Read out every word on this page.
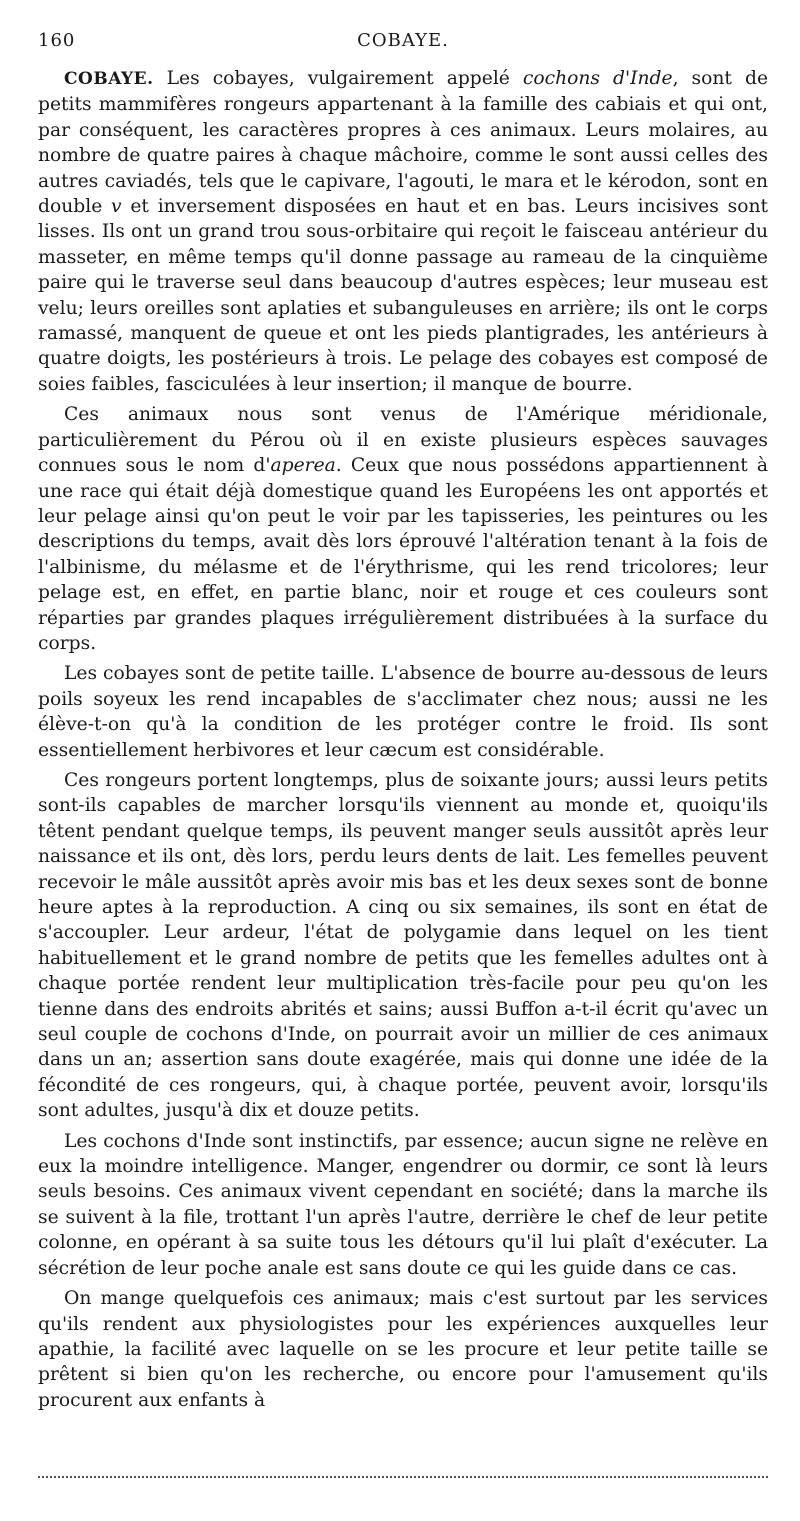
160	COBAYE.

COBAYE. Les cobayes, vulgairement appelé cochons d'Inde, sont de petits mammifères rongeurs appartenant à la famille des cabiais et qui ont, par conséquent, les caractères propres à ces animaux. Leurs molaires, au nombre de quatre paires à chaque mâchoire, comme le sont aussi celles des autres caviadés, tels que le capivare, l'agouti, le mara et le kérodon, sont en double v et inversement disposées en haut et en bas. Leurs incisives sont lisses. Ils ont un grand trou sous-orbitaire qui reçoit le faisceau antérieur du masseter, en même temps qu'il donne passage au rameau de la cinquième paire qui le traverse seul dans beaucoup d'autres espèces; leur museau est velu; leurs oreilles sont aplaties et subanguleuses en arrière; ils ont le corps ramassé, manquent de queue et ont les pieds plantigrades, les antérieurs à quatre doigts, les postérieurs à trois. Le pelage des cobayes est composé de soies faibles, fasciculées à leur insertion; il manque de bourre.

Ces animaux nous sont venus de l'Amérique méridionale, particulièrement du Pérou où il en existe plusieurs espèces sauvages connues sous le nom d'aperea. Ceux que nous possédons appartiennent à une race qui était déjà domestique quand les Européens les ont apportés et leur pelage ainsi qu'on peut le voir par les tapisseries, les peintures ou les descriptions du temps, avait dès lors éprouvé l'altération tenant à la fois de l'albinisme, du mélasme et de l'érythrisme, qui les rend tricolores; leur pelage est, en effet, en partie blanc, noir et rouge et ces couleurs sont réparties par grandes plaques irrégulièrement distribuées à la surface du corps.

Les cobayes sont de petite taille. L'absence de bourre au-dessous de leurs poils soyeux les rend incapables de s'acclimater chez nous; aussi ne les élève-t-on qu'à la condition de les protéger contre le froid. Ils sont essentiellement herbivores et leur cæcum est considérable.

Ces rongeurs portent longtemps, plus de soixante jours; aussi leurs petits sont-ils capables de marcher lorsqu'ils viennent au monde et, quoiqu'ils têtent pendant quelque temps, ils peuvent manger seuls aussitôt après leur naissance et ils ont, dès lors, perdu leurs dents de lait. Les femelles peuvent recevoir le mâle aussitôt après avoir mis bas et les deux sexes sont de bonne heure aptes à la reproduction. A cinq ou six semaines, ils sont en état de s'accoupler. Leur ardeur, l'état de polygamie dans lequel on les tient habituellement et le grand nombre de petits que les femelles adultes ont à chaque portée rendent leur multiplication très-facile pour peu qu'on les tienne dans des endroits abrités et sains; aussi Buffon a-t-il écrit qu'avec un seul couple de cochons d'Inde, on pourrait avoir un millier de ces animaux dans un an; assertion sans doute exagérée, mais qui donne une idée de la fécondité de ces rongeurs, qui, à chaque portée, peuvent avoir, lorsqu'ils sont adultes, jusqu'à dix et douze petits.

Les cochons d'Inde sont instinctifs, par essence; aucun signe ne relève en eux la moindre intelligence. Manger, engendrer ou dormir, ce sont là leurs seuls besoins. Ces animaux vivent cependant en société; dans la marche ils se suivent à la file, trottant l'un après l'autre, derrière le chef de leur petite colonne, en opérant à sa suite tous les détours qu'il lui plaît d'exécuter. La sécrétion de leur poche anale est sans doute ce qui les guide dans ce cas.

On mange quelquefois ces animaux; mais c'est surtout par les services qu'ils rendent aux physiologistes pour les expériences auxquelles leur apathie, la facilité avec laquelle on se les procure et leur petite taille se prêtent si bien qu'on les recherche, ou encore pour l'amusement qu'ils procurent aux enfants à
